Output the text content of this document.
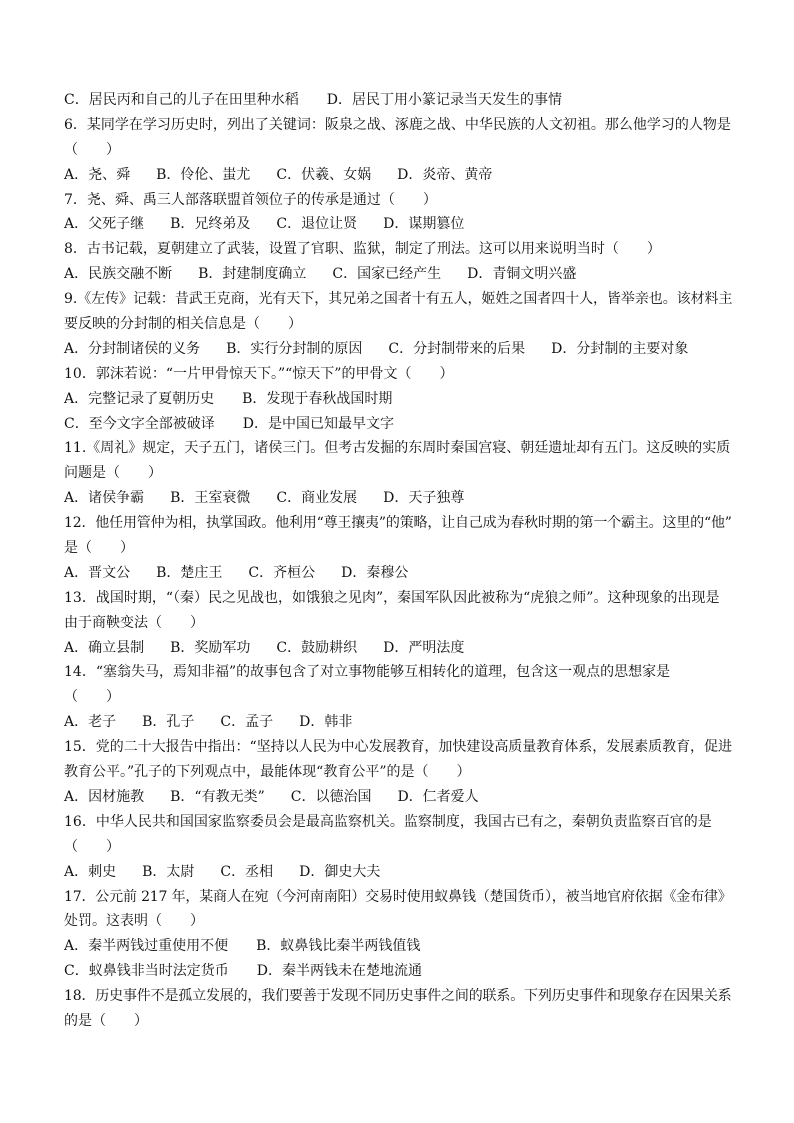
C．居民丙和自己的儿子在田里种水稻 D．居民丁用小篆记录当天发生的事情
6．某同学在学习历史时，列出了关键词：阪泉之战、涿鹿之战、中华民族的人文初祖。那么他学习的人物是
（　　）
A．尧、舜 B．伶伦、蚩尤 C．伏羲、女娲 D．炎帝、黄帝
7．尧、舜、禹三人部落联盟首领位子的传承是通过（　　）
A．父死子继 B．兄终弟及 C．退位让贤 D．谋期篡位
8．古书记载，夏朝建立了武装，设置了官职、监狱，制定了刑法。这可以用来说明当时（　　）
A．民族交融不断 B．封建制度确立 C．国家已经产生 D．青铜文明兴盛
9.《左传》记载：昔武王克商，光有天下，其兄弟之国者十有五人，姬姓之国者四十人，皆举亲也。该材料主
要反映的分封制的相关信息是（　　）
A．分封制诸侯的义务 B．实行分封制的原因 C．分封制带来的后果 D．分封制的主要对象
10．郭沫若说：“一片甲骨惊天下。”“惊天下”的甲骨文（　　）
A．完整记录了夏朝历史 B．发现于春秋战国时期
C．至今文字全部被破译 D．是中国已知最早文字
11.《周礼》规定，天子五门，诸侯三门。但考古发掘的东周时秦国宫寝、朝廷遗址却有五门。这反映的实质
问题是（　　）
A．诸侯争霸 B．王室衰微 C．商业发展 D．天子独尊
12．他任用管仲为相，执掌国政。他利用“尊王攘夷”的策略，让自己成为春秋时期的第一个霸主。这里的“他”
是（　　）
A．晋文公 B．楚庄王 C．齐桓公 D．秦穆公
13．战国时期，“（秦）民之见战也，如饿狼之见肉”，秦国军队因此被称为“虎狼之师”。这种现象的出现是
由于商鞅变法（　　）
A．确立县制 B．奖励军功 C．鼓励耕织 D．严明法度
14．“塞翁失马，焉知非福”的故事包含了对立事物能够互相转化的道理，包含这一观点的思想家是
（　　）
A．老子 B．孔子 C．孟子 D．韩非
15．党的二十大报告中指出：“坚持以人民为中心发展教育，加快建设高质量教育体系，发展素质教育，促进
教育公平。”孔子的下列观点中，最能体现“教育公平”的是（　　）
A．因材施教 B．“有教无类” C．以德治国 D．仁者爱人
16．中华人民共和国国家监察委员会是最高监察机关。监察制度，我国古已有之，秦朝负责监察百官的是
（　　）
A．刺史 B．太尉 C．丞相 D．御史大夫
17．公元前 217 年，某商人在宛（今河南南阳）交易时使用蚁鼻钱（楚国货币），被当地官府依据《金布律》
处罚。这表明（　　）
A．秦半两钱过重使用不便 B．蚁鼻钱比秦半两钱值钱
C．蚁鼻钱非当时法定货币 D．秦半两钱未在楚地流通
18．历史事件不是孤立发展的，我们要善于发现不同历史事件之间的联系。下列历史事件和现象存在因果关系
的是（　　）
